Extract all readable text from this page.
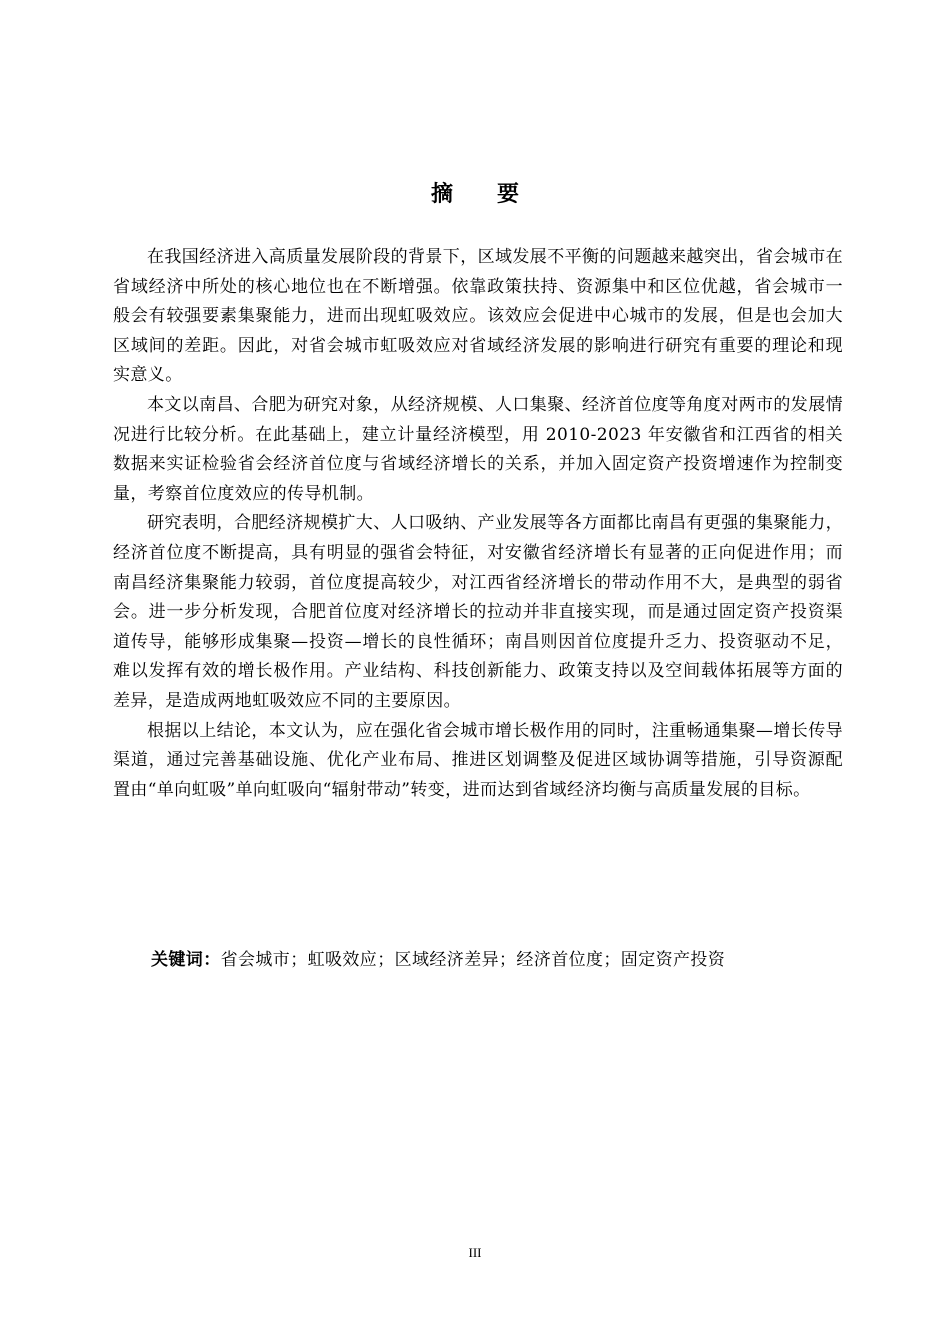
摘 要

在我国经济进入高质量发展阶段的背景下，区域发展不平衡的问题越来越突出，省会城市在省域经济中所处的核心地位也在不断增强。依靠政策扶持、资源集中和区位优越，省会城市一般会有较强要素集聚能力，进而出现虹吸效应。该效应会促进中心城市的发展，但是也会加大区域间的差距。因此，对省会城市虹吸效应对省域经济发展的影响进行研究有重要的理论和现实意义。

本文以南昌、合肥为研究对象，从经济规模、人口集聚、经济首位度等角度对两市的发展情况进行比较分析。在此基础上，建立计量经济模型，用 2010-2023 年安徽省和江西省的相关数据来实证检验省会经济首位度与省域经济增长的关系，并加入固定资产投资增速作为控制变量，考察首位度效应的传导机制。

研究表明，合肥经济规模扩大、人口吸纳、产业发展等各方面都比南昌有更强的集聚能力，经济首位度不断提高，具有明显的强省会特征，对安徽省经济增长有显著的正向促进作用；而南昌经济集聚能力较弱，首位度提高较少，对江西省经济增长的带动作用不大，是典型的弱省会。进一步分析发现，合肥首位度对经济增长的拉动并非直接实现，而是通过固定资产投资渠道传导，能够形成集聚—投资—增长的良性循环；南昌则因首位度提升乏力、投资驱动不足，难以发挥有效的增长极作用。产业结构、科技创新能力、政策支持以及空间载体拓展等方面的差异，是造成两地虹吸效应不同的主要原因。

根据以上结论，本文认为，应在强化省会城市增长极作用的同时，注重畅通集聚—增长传导渠道，通过完善基础设施、优化产业布局、推进区划调整及促进区域协调等措施，引导资源配置由“单向虹吸”单向虹吸向“辐射带动”转变，进而达到省域经济均衡与高质量发展的目标。

关键词：省会城市；虹吸效应；区域经济差异；经济首位度；固定资产投资
III
